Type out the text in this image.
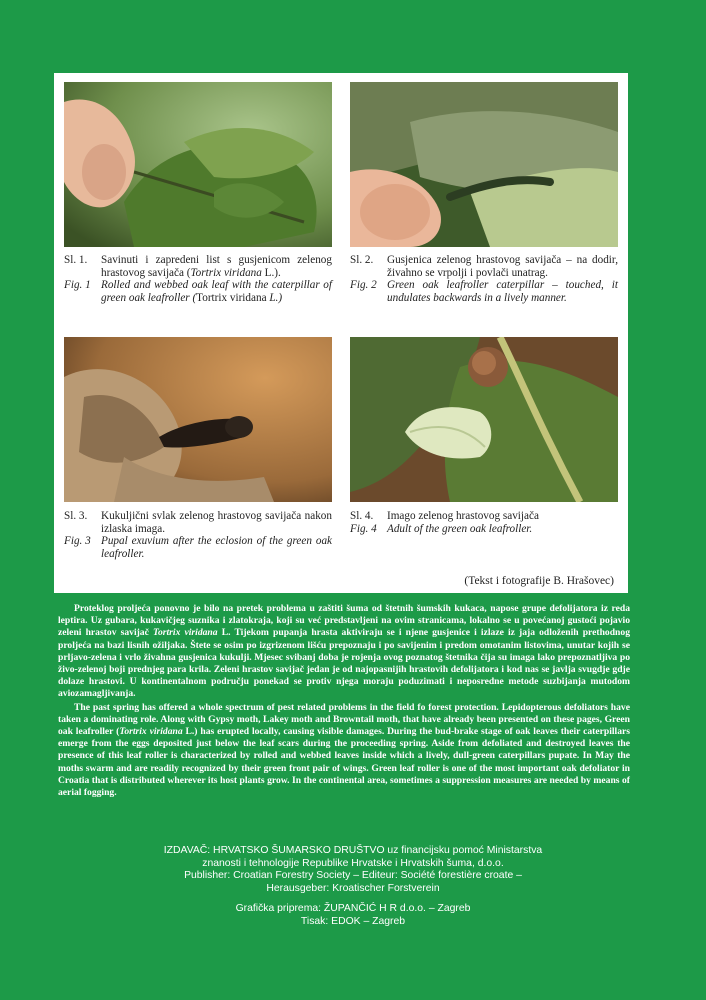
Sl. 1.	Savinuti i zapredeni list s gusjenicom zelenog hrastovog savijača (Tortrix viridana L.).
Fig. 1 Rolled and webbed oak leaf with the caterpillar of green oak leafroller (Tortrix viridana L.)
Sl. 2.	Gusjenica zelenog hrastovog savijača – na dodir, živahno se vrpolji i povlači unatrag.
Fig. 2 Green oak leafroller caterpillar – touched, it undulates backwards in a lively manner.
Sl. 3.	Kukuljični svlak zelenog hrastovog savijača nakon izlaska imaga.
Fig. 3 Pupal exuvium after the eclosion of the green oak leafroller.
Sl. 4.	Imago zelenog hrastovog savijača
Fig. 4 Adult of the green oak leafroller.
(Tekst i fotografije B. Hrašovec)

Proteklog proljeća ponovno je bilo na pretek problema u zaštiti šuma od štetnih šumskih kukaca, napose grupe defolijatora iz reda leptira. Uz gubara, kukavičjeg suznika i zlatokraja, koji su već predstavljeni na ovim stranicama, lokalno se u povećanoj gustoći pojavio zeleni hrastov savijač Tortrix viridana L. Tijekom pupanja hrasta aktiviraju se i njene gusjenice i izlaze iz jaja odloženih prethodnog proljeća na bazi lisnih ožiljaka. Štete se osim po izgrizenom lišću prepoznaju i po savijenim i predom omotanim listovima, unutar kojih se prljavo-zelena i vrlo živahna gusjenica kukulji. Mjesec svibanj doba je rojenja ovog poznatog štetnika čija su imaga lako prepoznatljiva po živo-zelenoj boji prednjeg para krila. Zeleni hrastov savijač jedan je od najopasnijih hrastovih defolijatora i kod nas se javlja svugdje gdje dolaze hrastovi. U kontinentalnom području ponekad se protiv njega moraju poduzimati i neposredne metode suzbijanja mutodom aviozamagljivanja.

The past spring has offered a whole spectrum of pest related problems in the field fo forest protection. Lepidopterous defoliators have taken a dominating role. Along with Gypsy moth, Lakey moth and Browntail moth, that have already been presented on these pages, Green oak leafroller (Tortrix viridana L.) has erupted locally, causing visible damages. During the bud-brake stage of oak leaves their caterpillars emerge from the eggs deposited just below the leaf scars during the proceeding spring. Aside from defoliated and destroyed leaves the presence of this leaf roller is characterized by rolled and webbed leaves inside which a lively, dull-green caterpillars pupate. In May the moths swarm and are readily recognized by their green front pair of wings. Green leaf roller is one of the most important oak defoliator in Croatia that is distributed wherever its host plants grow. In the continental area, sometimes a suppression measures are needed by means of aerial fogging.

IZDAVAČ: HRVATSKO ŠUMARSKO DRUŠTVO uz financijsku pomoć Ministarstva
znanosti i tehnologije Republike Hrvatske i Hrvatskih šuma, d.o.o.
Publisher: Croatian Forestry Society – Editeur: Société forestière croate –
Herausgeber: Kroatischer Forstverein
Grafička priprema: ŽUPANČIĆ H R d.o.o. – Zagreb
Tisak: EDOK – Zagreb
